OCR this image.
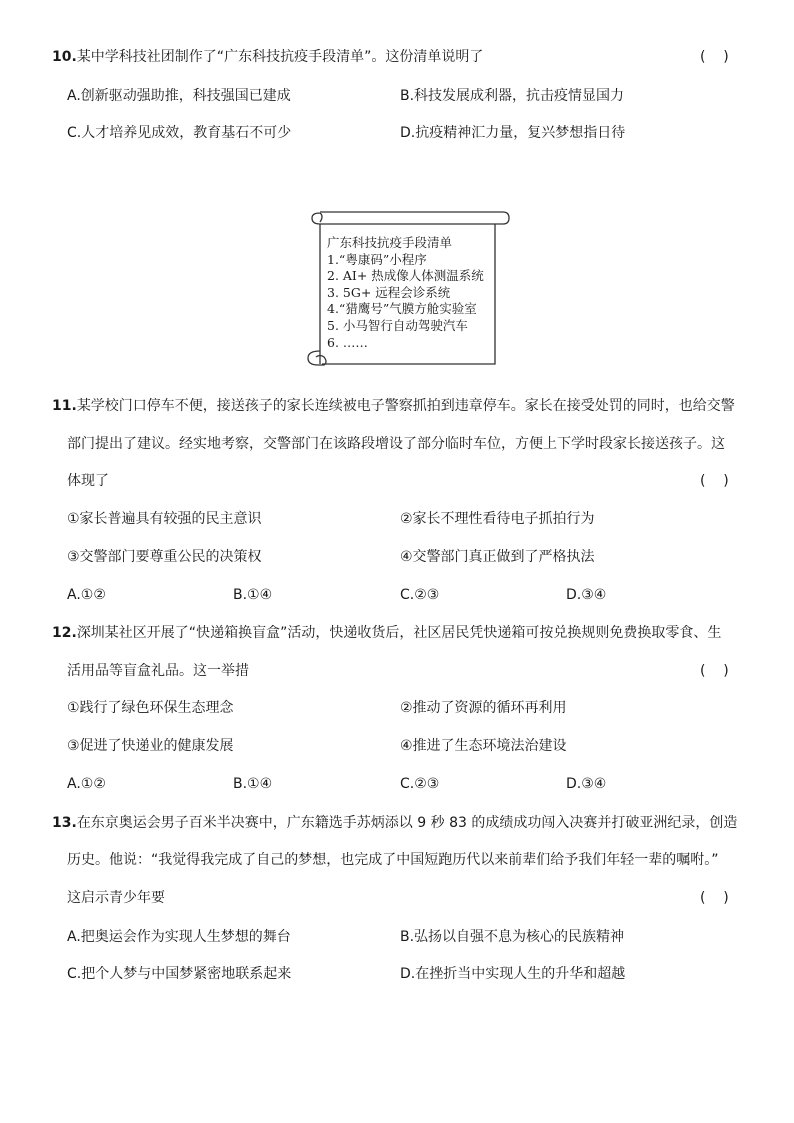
10.某中学科技社团制作了“广东科技抗疫手段清单”。这份清单说明了	(    )
A.创新驱动强助推，科技强国已建成	B.科技发展成利器，抗击疫情显国力
C.人才培养见成效，教育基石不可少	D.抗疫精神汇力量，复兴梦想指日待
广东科技抗疫手段清单
1.“粤康码”小程序
2. AI+ 热成像人体测温系统
3. 5G+ 远程会诊系统
4.“猎鹰号”气膜方舱实验室
5. 小马智行自动驾驶汽车
6. ……
11.某学校门口停车不便，接送孩子的家长连续被电子警察抓拍到违章停车。家长在接受处罚的同时，也给交警
部门提出了建议。经实地考察，交警部门在该路段增设了部分临时车位，方便上下学时段家长接送孩子。这
体现了	(    )
①家长普遍具有较强的民主意识	②家长不理性看待电子抓拍行为
③交警部门要尊重公民的决策权	④交警部门真正做到了严格执法
A.①②	B.①④	C.②③	D.③④
12.深圳某社区开展了“快递箱换盲盒”活动，快递收货后，社区居民凭快递箱可按兑换规则免费换取零食、生
活用品等盲盒礼品。这一举措	(    )
①践行了绿色环保生态理念	②推动了资源的循环再利用
③促进了快递业的健康发展	④推进了生态环境法治建设
A.①②	B.①④	C.②③	D.③④
13.在东京奥运会男子百米半决赛中，广东籍选手苏炳添以 9 秒 83 的成绩成功闯入决赛并打破亚洲纪录，创造
历史。他说：“我觉得我完成了自己的梦想，也完成了中国短跑历代以来前辈们给予我们年轻一辈的嘱咐。”
这启示青少年要	(    )
A.把奥运会作为实现人生梦想的舞台	B.弘扬以自强不息为核心的民族精神
C.把个人梦与中国梦紧密地联系起来	D.在挫折当中实现人生的升华和超越
